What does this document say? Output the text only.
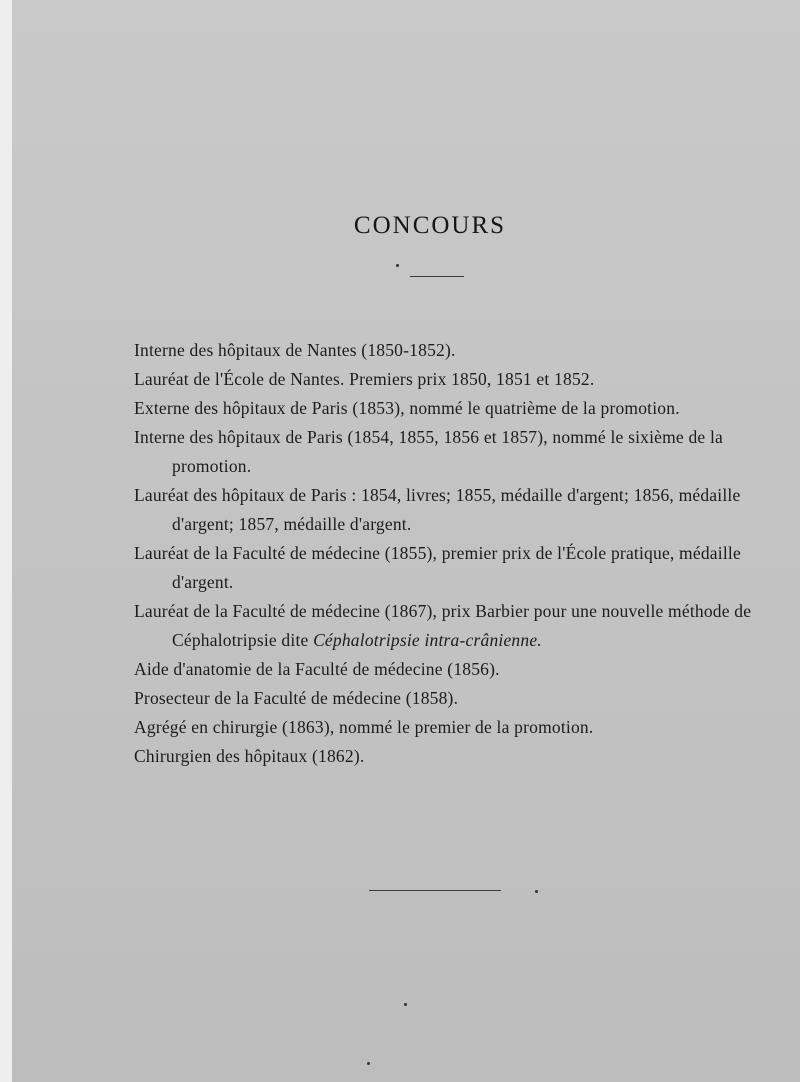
CONCOURS
Interne des hôpitaux de Nantes (1850-1852).
Lauréat de l'École de Nantes. Premiers prix 1850, 1851 et 1852.
Externe des hôpitaux de Paris (1853), nommé le quatrième de la promotion.
Interne des hôpitaux de Paris (1854, 1855, 1856 et 1857), nommé le sixième de la promotion.
Lauréat des hôpitaux de Paris : 1854, livres; 1855, médaille d'argent; 1856, médaille d'argent; 1857, médaille d'argent.
Lauréat de la Faculté de médecine (1855), premier prix de l'École pratique, médaille d'argent.
Lauréat de la Faculté de médecine (1867), prix Barbier pour une nouvelle méthode de Céphalotripsie dite Céphalotripsie intra-crânienne.
Aide d'anatomie de la Faculté de médecine (1856).
Prosecteur de la Faculté de médecine (1858).
Agrégé en chirurgie (1863), nommé le premier de la promotion.
Chirurgien des hôpitaux (1862).
